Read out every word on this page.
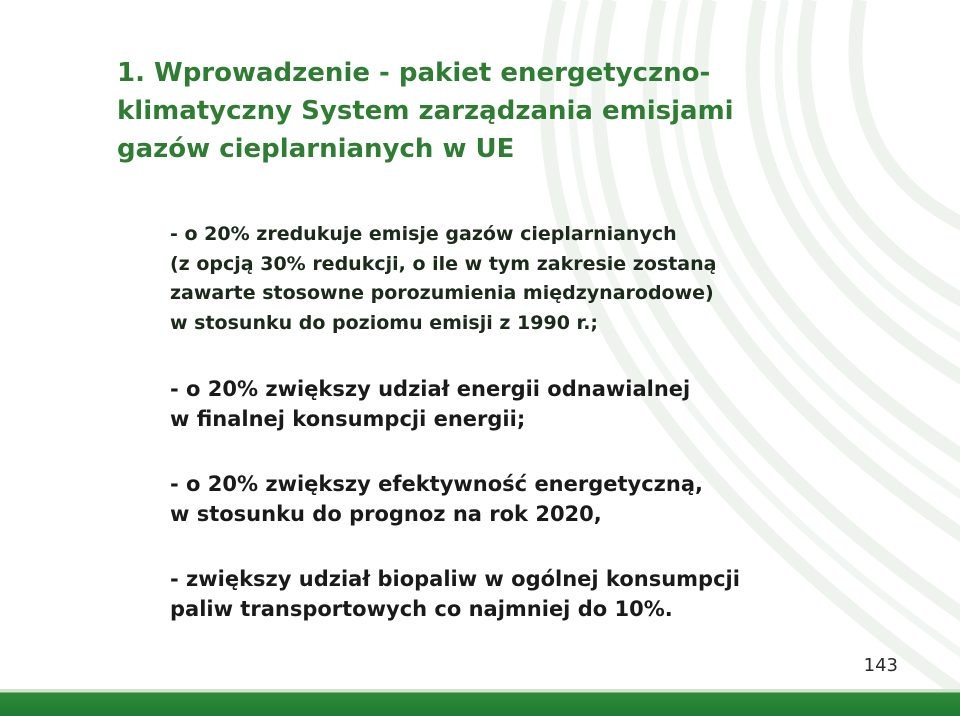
1. Wprowadzenie - pakiet energetyczno-
klimatyczny System zarządzania emisjami
gazów cieplarnianych w UE

- o 20% zredukuje emisje gazów cieplarnianych
(z opcją 30% redukcji, o ile w tym zakresie zostaną
zawarte stosowne porozumienia międzynarodowe)
w stosunku do poziomu emisji z 1990 r.;

- o 20% zwiększy udział energii odnawialnej
w finalnej konsumpcji energii;

- o 20% zwiększy efektywność energetyczną,
w stosunku do prognoz na rok 2020,

- zwiększy udział biopaliw w ogólnej konsumpcji
paliw transportowych co najmniej do 10%.

143
